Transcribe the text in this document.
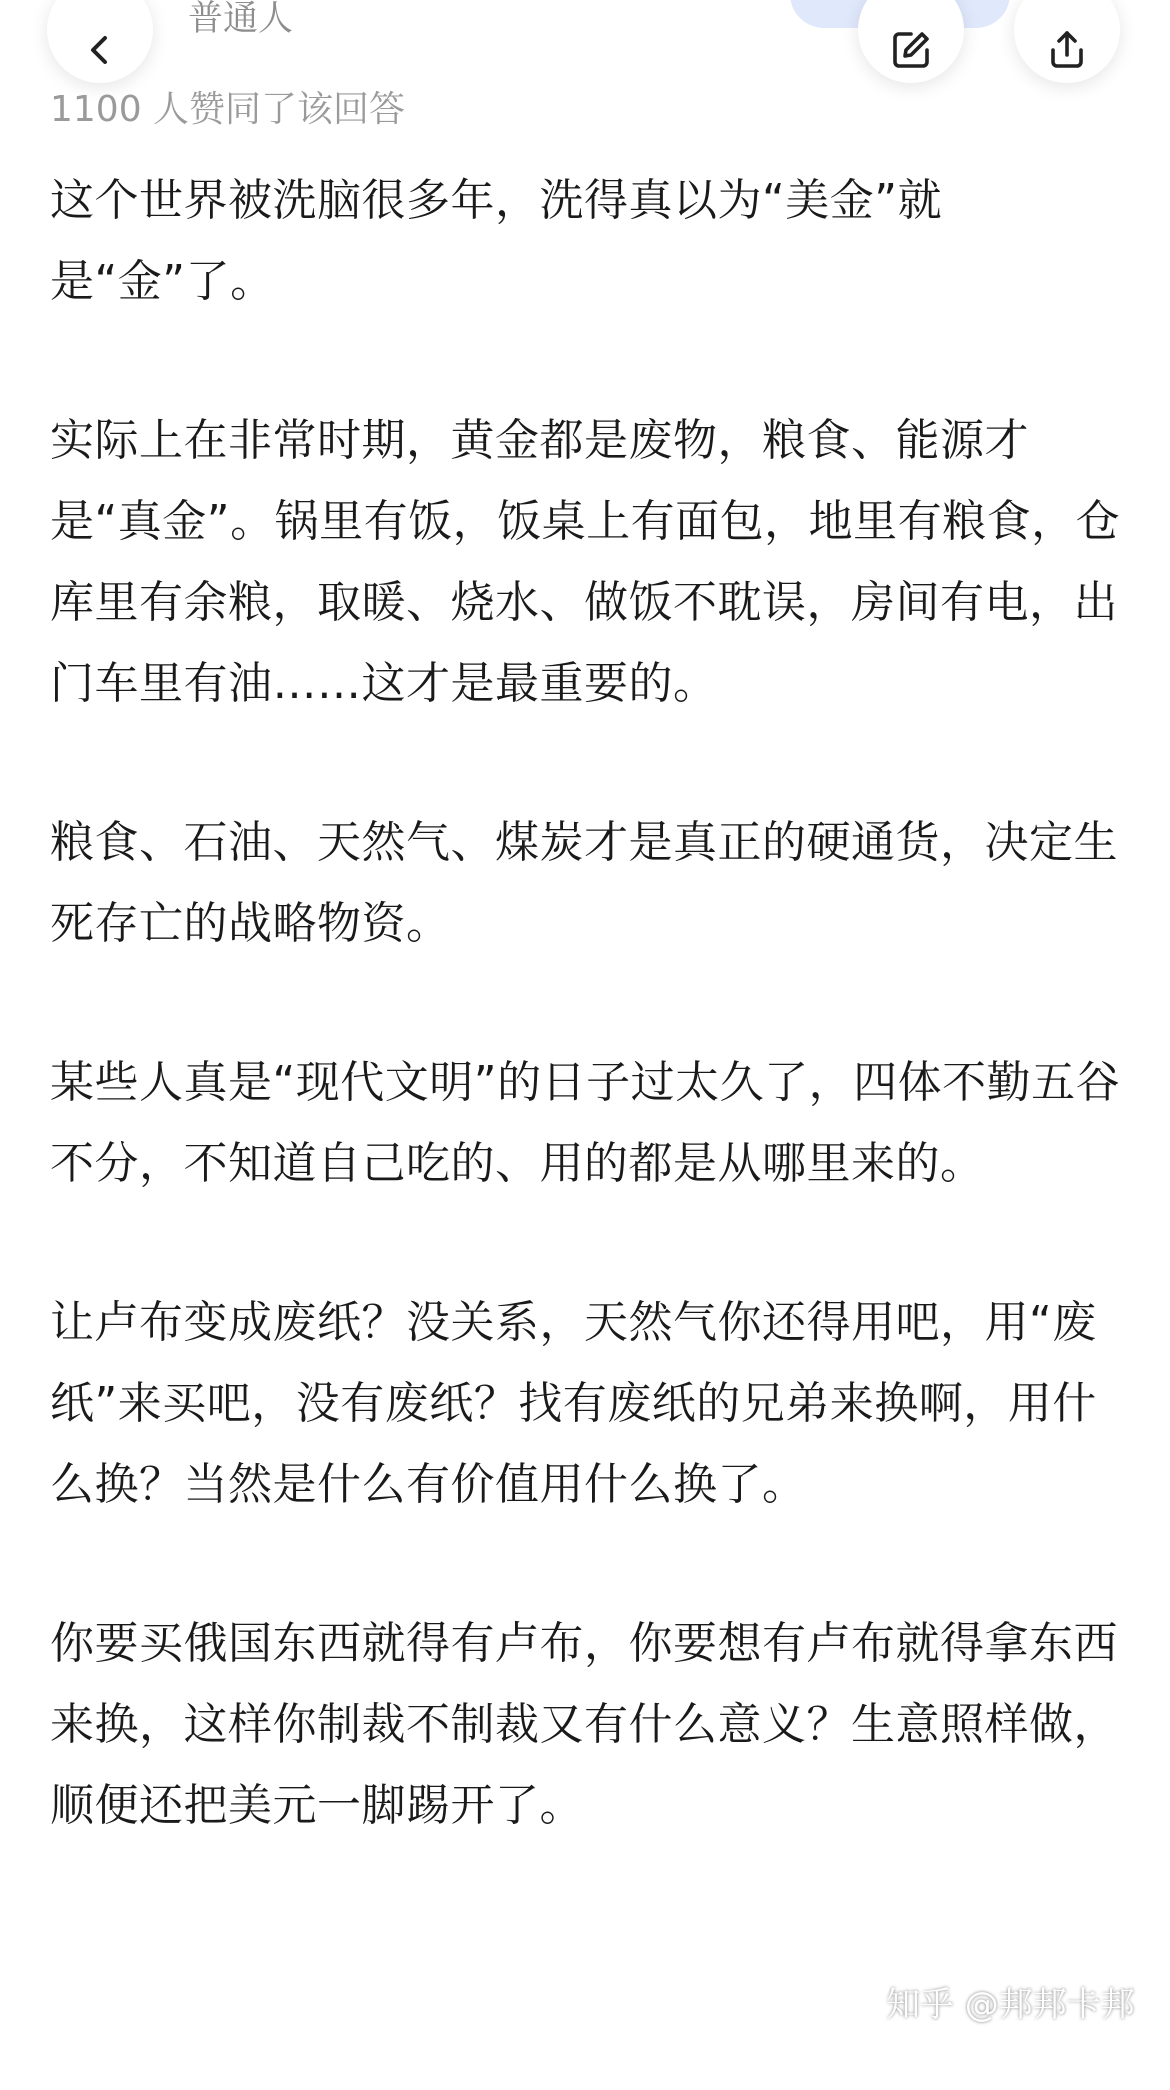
普通人
1100 人赞同了该回答

这个世界被洗脑很多年，洗得真以为“美金”就是“金”了。

实际上在非常时期，黄金都是废物，粮食、能源才是“真金”。锅里有饭，饭桌上有面包，地里有粮食，仓库里有余粮，取暖、烧水、做饭不耽误，房间有电，出门车里有油……这才是最重要的。

粮食、石油、天然气、煤炭才是真正的硬通货，决定生死存亡的战略物资。

某些人真是“现代文明”的日子过太久了，四体不勤五谷不分，不知道自己吃的、用的都是从哪里来的。

让卢布变成废纸？没关系，天然气你还得用吧，用“废纸”来买吧，没有废纸？找有废纸的兄弟来换啊，用什么换？当然是什么有价值用什么换了。

你要买俄国东西就得有卢布，你要想有卢布就得拿东西来换，这样你制裁不制裁又有什么意义？生意照样做，顺便还把美元一脚踢开了。

知乎 @邦邦卡邦
